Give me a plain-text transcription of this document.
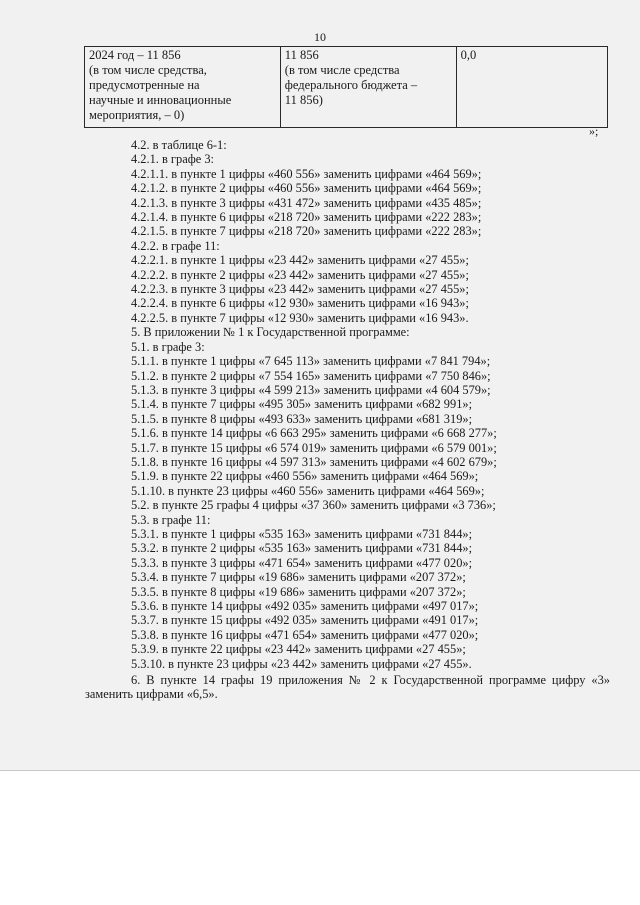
10
2024 год – 11 856
(в том числе средства,
предусмотренные на
научные и инновационные
мероприятия, – 0)

11 856
(в том числе средства
федерального бюджета –
11 856)

0,0
»;
4.2. в таблице 6-1:
4.2.1. в графе 3:
4.2.1.1. в пункте 1 цифры «460 556» заменить цифрами «464 569»;
4.2.1.2. в пункте 2 цифры «460 556» заменить цифрами «464 569»;
4.2.1.3. в пункте 3 цифры «431 472» заменить цифрами «435 485»;
4.2.1.4. в пункте 6 цифры «218 720» заменить цифрами «222 283»;
4.2.1.5. в пункте 7 цифры «218 720» заменить цифрами «222 283»;
4.2.2. в графе 11:
4.2.2.1. в пункте 1 цифры «23 442» заменить цифрами «27 455»;
4.2.2.2. в пункте 2 цифры «23 442» заменить цифрами «27 455»;
4.2.2.3. в пункте 3 цифры «23 442» заменить цифрами «27 455»;
4.2.2.4. в пункте 6 цифры «12 930» заменить цифрами «16 943»;
4.2.2.5. в пункте 7 цифры «12 930» заменить цифрами «16 943».
5. В приложении № 1 к Государственной программе:
5.1. в графе 3:
5.1.1. в пункте 1 цифры «7 645 113» заменить цифрами «7 841 794»;
5.1.2. в пункте 2 цифры «7 554 165» заменить цифрами «7 750 846»;
5.1.3. в пункте 3 цифры «4 599 213» заменить цифрами «4 604 579»;
5.1.4. в пункте 7 цифры «495 305» заменить цифрами «682 991»;
5.1.5. в пункте 8 цифры «493 633» заменить цифрами «681 319»;
5.1.6. в пункте 14 цифры «6 663 295» заменить цифрами «6 668 277»;
5.1.7. в пункте 15 цифры «6 574 019» заменить цифрами «6 579 001»;
5.1.8. в пункте 16 цифры «4 597 313» заменить цифрами «4 602 679»;
5.1.9. в пункте 22 цифры «460 556» заменить цифрами «464 569»;
5.1.10. в пункте 23 цифры «460 556» заменить цифрами «464 569»;
5.2. в пункте 25 графы 4 цифры «37 360» заменить цифрами «3 736»;
5.3. в графе 11:
5.3.1. в пункте 1 цифры «535 163» заменить цифрами «731 844»;
5.3.2. в пункте 2 цифры «535 163» заменить цифрами «731 844»;
5.3.3. в пункте 3 цифры «471 654» заменить цифрами «477 020»;
5.3.4. в пункте 7 цифры «19 686» заменить цифрами «207 372»;
5.3.5. в пункте 8 цифры «19 686» заменить цифрами «207 372»;
5.3.6. в пункте 14 цифры «492 035» заменить цифрами «497 017»;
5.3.7. в пункте 15 цифры «492 035» заменить цифрами «491 017»;
5.3.8. в пункте 16 цифры «471 654» заменить цифрами «477 020»;
5.3.9. в пункте 22 цифры «23 442» заменить цифрами «27 455»;
5.3.10. в пункте 23 цифры «23 442» заменить цифрами «27 455».
6. В пункте 14 графы 19 приложения № 2 к Государственной программе цифру «3» заменить цифрами «6,5».
